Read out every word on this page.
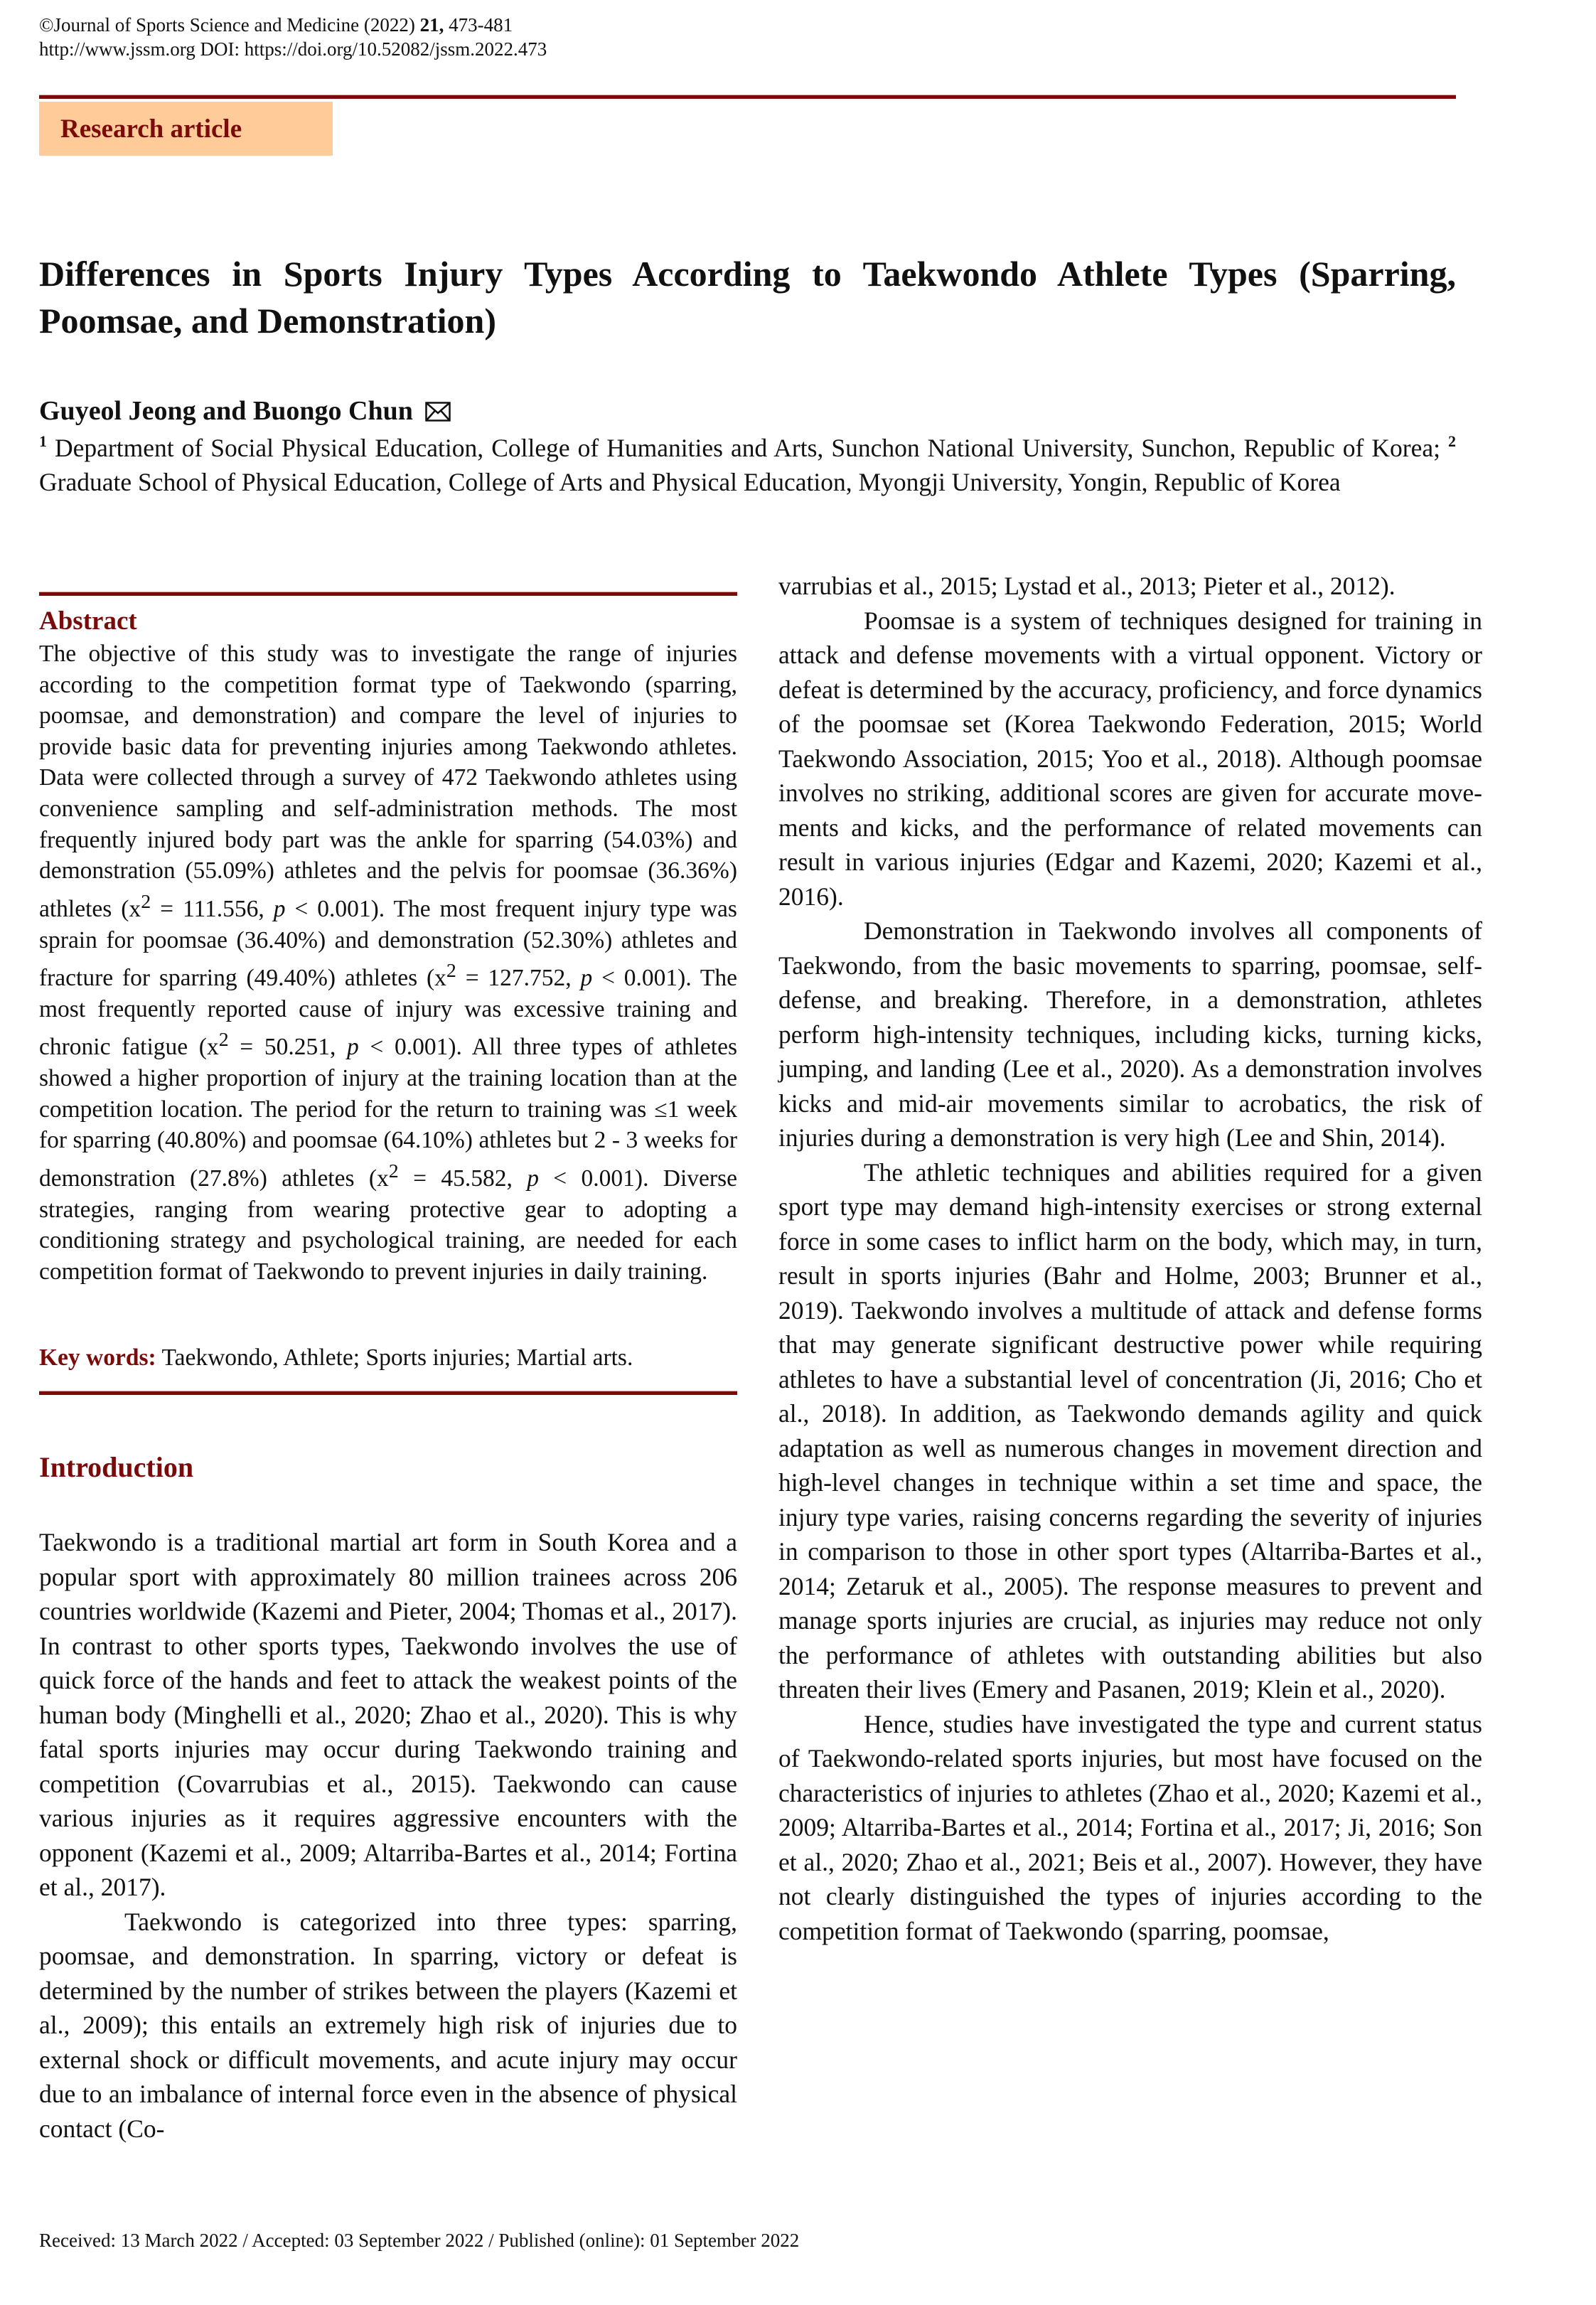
©Journal of Sports Science and Medicine (2022) 21, 473-481
http://www.jssm.org DOI: https://doi.org/10.52082/jssm.2022.473
Research article
Differences in Sports Injury Types According to Taekwondo Athlete Types (Sparring, Poomsae, and Demonstration)
Guyeol Jeong and Buongo Chun
$^1$ Department of Social Physical Education, College of Humanities and Arts, Sunchon National University, Sunchon, Republic of Korea; $^2$ Graduate School of Physical Education, College of Arts and Physical Education, Myongji University, Yongin, Republic of Korea
Abstract
The objective of this study was to investigate the range of injuries according to the competition format type of Taekwondo (sparring, poomsae, and demonstration) and compare the level of injuries to provide basic data for preventing injuries among Taekwondo athletes. Data were collected through a survey of 472 Taekwondo athletes using convenience sampling and self-administration methods. The most frequently injured body part was the ankle for sparring (54.03%) and demonstration (55.09%) athletes and the pelvis for poomsae (36.36%) athletes ($x^2 = 111.556$, p < 0.001). The most frequent injury type was sprain for poomsae (36.40%) and demonstration (52.30%) athletes and fracture for sparring (49.40%) athletes ($x^2 = 127.752$, p < 0.001). The most frequently reported cause of injury was excessive training and chronic fatigue ($x^2 = 50.251$, p < 0.001). All three types of athletes showed a higher proportion of injury at the training location than at the competition location. The period for the return to training was ≤1 week for sparring (40.80%) and poomsae (64.10%) athletes but 2 - 3 weeks for demonstration (27.8%) athletes ($x^2 = 45.582$, p < 0.001). Diverse strategies, ranging from wearing protective gear to adopting a conditioning strategy and psychological training, are needed for each competition format of Taekwondo to prevent injuries in daily training.
Key words: Taekwondo, Athlete; Sports injuries; Martial arts.
Introduction

Taekwondo is a traditional martial art form in South Korea and a popular sport with approximately 80 million trainees across 206 countries worldwide (Kazemi and Pieter, 2004; Thomas et al., 2017). In contrast to other sports types, Taekwondo involves the use of quick force of the hands and feet to attack the weakest points of the human body (Minghelli et al., 2020; Zhao et al., 2020). This is why fatal sports injuries may occur during Taekwondo training and competition (Covarrubias et al., 2015). Taekwondo can cause various injuries as it requires aggressive encounters with the opponent (Kazemi et al., 2009; Altarriba-Bartes et al., 2014; Fortina et al., 2017).

Taekwondo is categorized into three types: sparring, poomsae, and demonstration. In sparring, victory or defeat is determined by the number of strikes between the players (Kazemi et al., 2009); this entails an extremely high risk of injuries due to external shock or difficult movements, and acute injury may occur due to an imbalance of internal force even in the absence of physical contact (Co-

varrubias et al., 2015; Lystad et al., 2013; Pieter et al., 2012).

Poomsae is a system of techniques designed for training in attack and defense movements with a virtual opponent. Victory or defeat is determined by the accuracy, proficiency, and force dynamics of the poomsae set (Korea Taekwondo Federation, 2015; World Taekwondo Association, 2015; Yoo et al., 2018). Although poomsae involves no striking, additional scores are given for accurate movements and kicks, and the performance of related movements can result in various injuries (Edgar and Kazemi, 2020; Kazemi et al., 2016).

Demonstration in Taekwondo involves all components of Taekwondo, from the basic movements to sparring, poomsae, self-defense, and breaking. Therefore, in a demonstration, athletes perform high-intensity techniques, including kicks, turning kicks, jumping, and landing (Lee et al., 2020). As a demonstration involves kicks and mid-air movements similar to acrobatics, the risk of injuries during a demonstration is very high (Lee and Shin, 2014).

The athletic techniques and abilities required for a given sport type may demand high-intensity exercises or strong external force in some cases to inflict harm on the body, which may, in turn, result in sports injuries (Bahr and Holme, 2003; Brunner et al., 2019). Taekwondo involves a multitude of attack and defense forms that may generate significant destructive power while requiring athletes to have a substantial level of concentration (Ji, 2016; Cho et al., 2018). In addition, as Taekwondo demands agility and quick adaptation as well as numerous changes in movement direction and high-level changes in technique within a set time and space, the injury type varies, raising concerns regarding the severity of injuries in comparison to those in other sport types (Altarriba-Bartes et al., 2014; Zetaruk et al., 2005). The response measures to prevent and manage sports injuries are crucial, as injuries may reduce not only the performance of athletes with outstanding abilities but also threaten their lives (Emery and Pasanen, 2019; Klein et al., 2020).

Hence, studies have investigated the type and current status of Taekwondo-related sports injuries, but most have focused on the characteristics of injuries to athletes (Zhao et al., 2020; Kazemi et al., 2009; Altarriba-Bartes et al., 2014; Fortina et al., 2017; Ji, 2016; Son et al., 2020; Zhao et al., 2021; Beis et al., 2007). However, they have not clearly distinguished the types of injuries according to the competition format of Taekwondo (sparring, poomsae,

Received: 13 March 2022 / Accepted: 03 September 2022 / Published (online): 01 September 2022
